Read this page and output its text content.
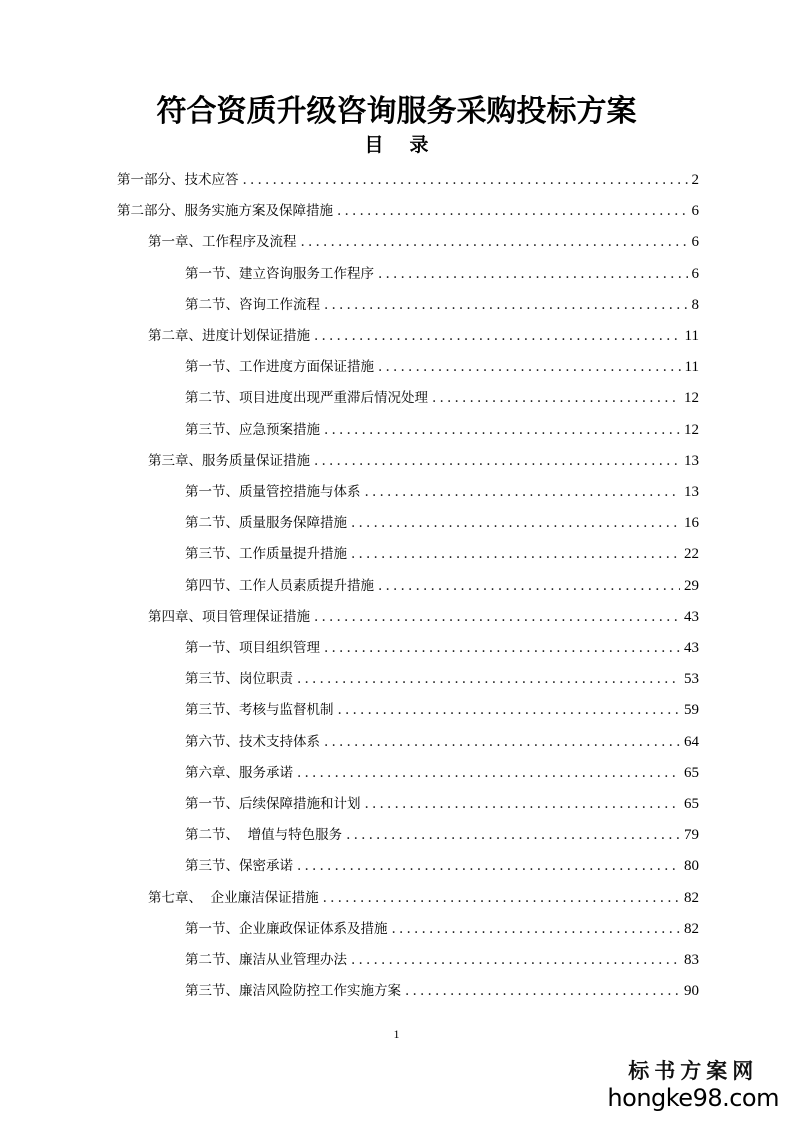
符合资质升级咨询服务采购投标方案
目 录
第一部分、技术应答 .....	2
第二部分、服务实施方案及保障措施 .....	6
第一章、工作程序及流程 .....	6
第一节、建立咨询服务工作程序 .....	6
第二节、咨询工作流程 .....	8
第二章、进度计划保证措施 .....	11
第一节、工作进度方面保证措施 .....	11
第二节、项目进度出现严重滞后情况处理 .....	12
第三节、应急预案措施 .....	12
第三章、服务质量保证措施 .....	13
第一节、质量管控措施与体系 .....	13
第二节、质量服务保障措施 .....	16
第三节、工作质量提升措施 .....	22
第四节、工作人员素质提升措施 .....	29
第四章、项目管理保证措施 .....	43
第一节、项目组织管理 .....	43
第三节、岗位职责 .....	53
第三节、考核与监督机制 .....	59
第六节、技术支持体系 .....	64
第六章、服务承诺 .....	65
第一节、后续保障措施和计划 .....	65
第二节、  增值与特色服务 .....	79
第三节、保密承诺 .....	80
第七章、  企业廉洁保证措施 .....	82
第一节、企业廉政保证体系及措施 .....	82
第二节、廉洁从业管理办法 .....	83
第三节、廉洁风险防控工作实施方案 .....	90
1
标书方案网
hongke98.com
